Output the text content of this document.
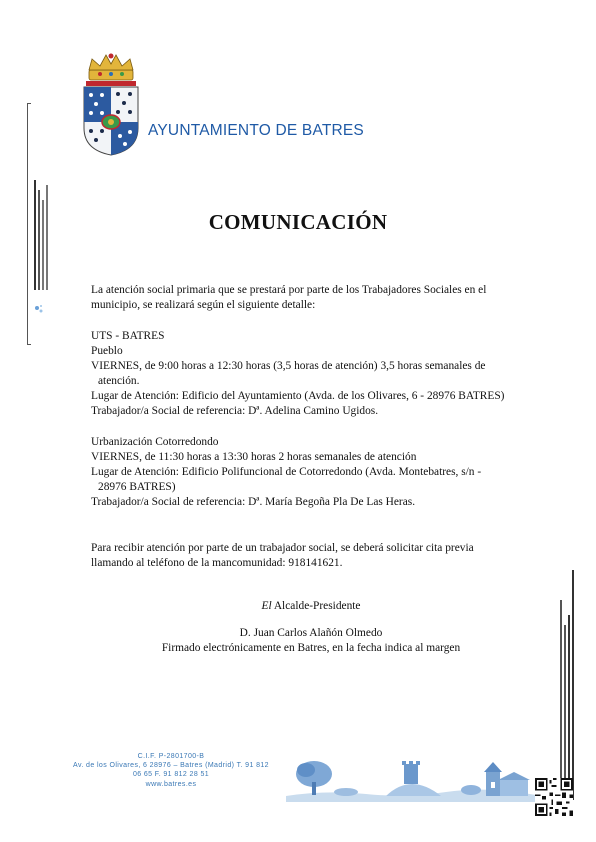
AYUNTAMIENTO DE BATRES
COMUNICACIÓN

La atención social primaria que se prestará por parte de los Trabajadores Sociales en el municipio, se realizará según el siguiente detalle:

UTS - BATRES

Pueblo

VIERNES, de 9:00 horas a 12:30 horas (3,5 horas de atención) 3,5 horas semanales de atención.

Lugar de Atención: Edificio del Ayuntamiento (Avda. de los Olivares, 6 - 28976 BATRES)

Trabajador/a Social de referencia: Dª. Adelina Camino Ugidos.

Urbanización Cotorredondo

VIERNES, de 11:30 horas a 13:30 horas 2 horas semanales de atención

Lugar de Atención: Edificio Polifuncional de Cotorredondo (Avda. Montebatres, s/n - 28976 BATRES)

Trabajador/a Social de referencia: Dª. María Begoña Pla De Las Heras.

Para recibir atención por parte de un trabajador social, se deberá solicitar cita previa llamando al teléfono de la mancomunidad: 918141621.

El Alcalde-Presidente

D. Juan Carlos Alañón Olmedo

Firmado electrónicamente en Batres, en la fecha indica al margen

C.I.F. P-2801700-B

Av. de los Olivares, 6 28976 – Batres (Madrid) T. 91 812

06 65 F. 91 812 28 51

www.batres.es
